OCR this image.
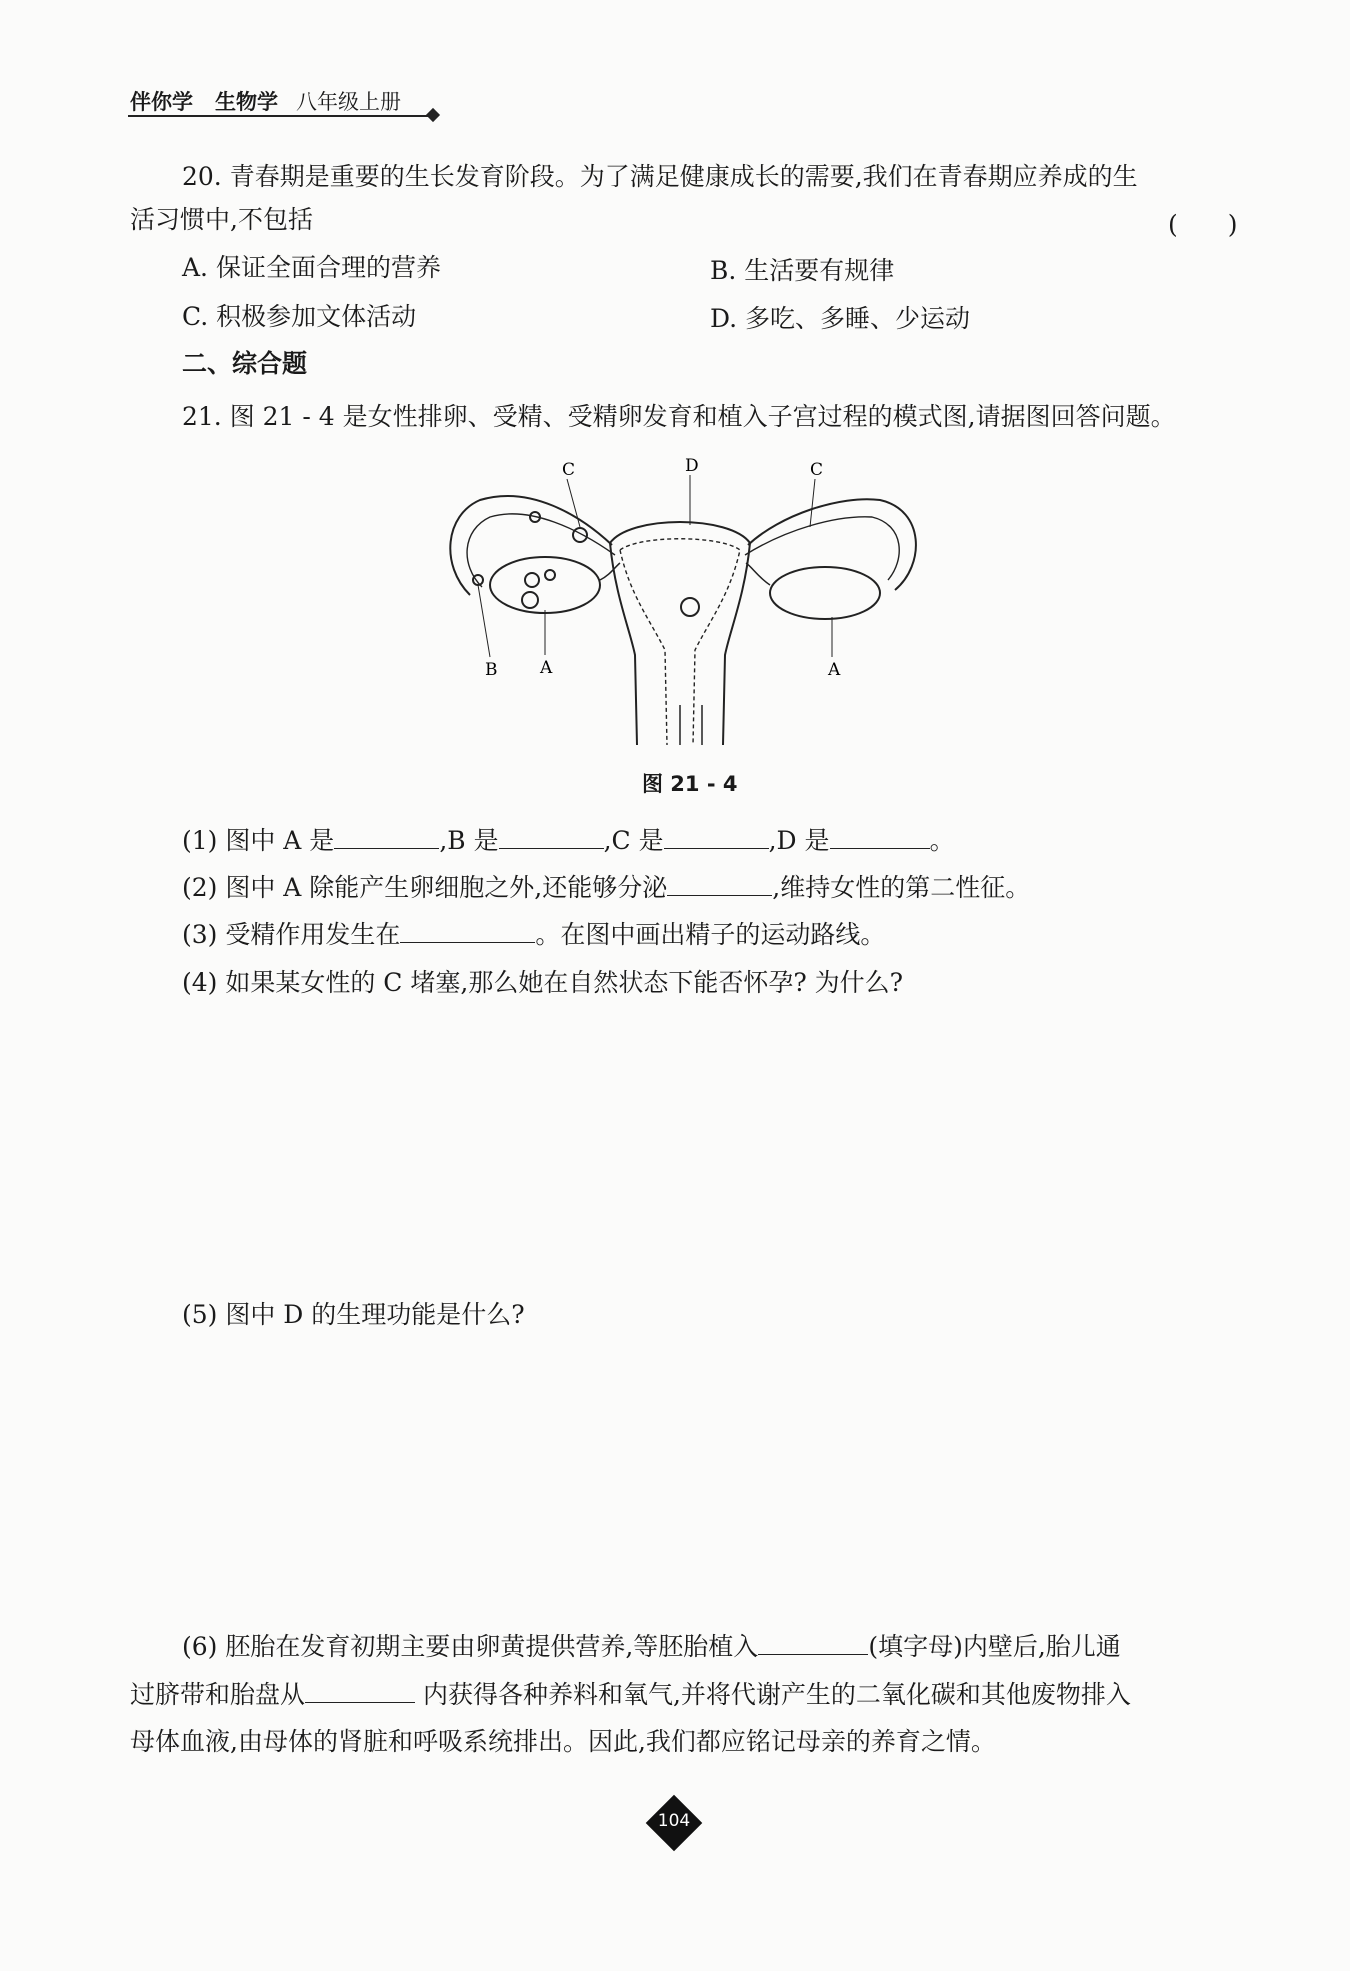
伴你学 生物学 八年级上册
20. 青春期是重要的生长发育阶段。为了满足健康成长的需要,我们在青春期应养成的生
活习惯中,不包括	(　　)
A. 保证全面合理的营养	B. 生活要有规律
C. 积极参加文体活动	D. 多吃、多睡、少运动
二、综合题
21. 图 21 - 4 是女性排卵、受精、受精卵发育和植入子宫过程的模式图,请据图回答问题。
C	D	C
B	A	A
图 21 - 4
(1) 图中 A 是	,B 是	,C 是	,D 是	。
(2) 图中 A 除能产生卵细胞之外,还能够分泌	,维持女性的第二性征。
(3) 受精作用发生在	。在图中画出精子的运动路线。
(4) 如果某女性的 C 堵塞,那么她在自然状态下能否怀孕? 为什么?
(5) 图中 D 的生理功能是什么?
(6) 胚胎在发育初期主要由卵黄提供营养,等胚胎植入	(填字母)内壁后,胎儿通
过脐带和胎盘从	内获得各种养料和氧气,并将代谢产生的二氧化碳和其他废物排入
母体血液,由母体的肾脏和呼吸系统排出。因此,我们都应铭记母亲的养育之情。
104
